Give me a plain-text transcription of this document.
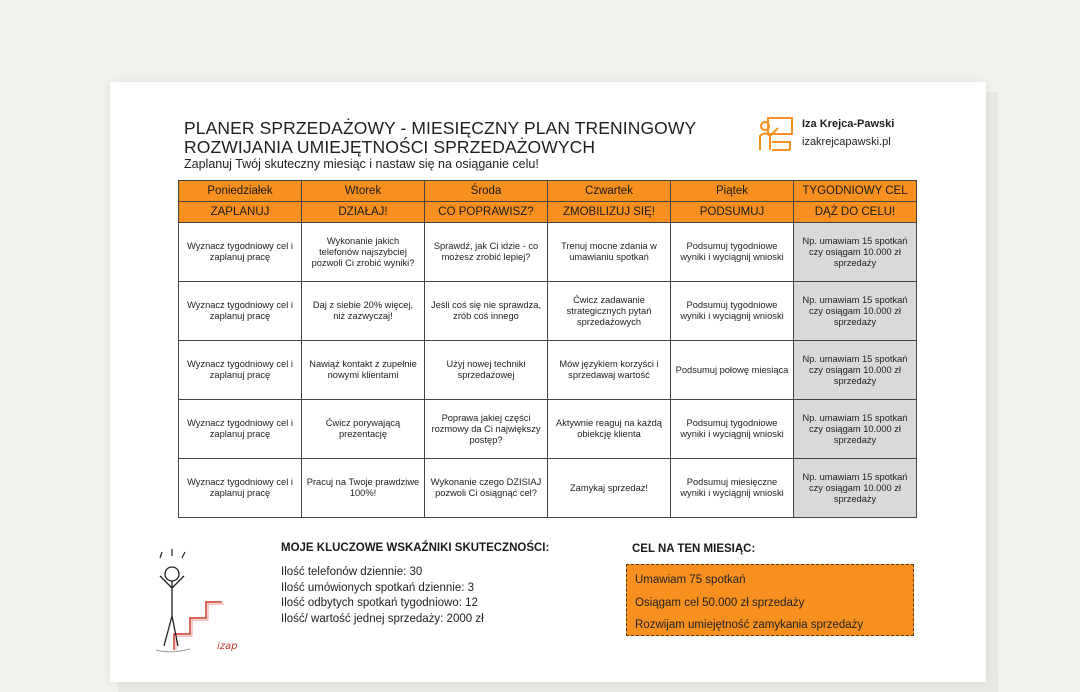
PLANER SPRZEDAŻOWY - MIESIĘCZNY PLAN TRENINGOWY
ROZWIJANIA UMIEJĘTNOŚCI SPRZEDAŻOWYCH
Zaplanuj Twój skuteczny miesiąc i nastaw się na osiąganie celu!
Iza Krejca-Pawski
izakrejcapawski.pl
Poniedziałek	Wtorek	Środa	Czwartek	Piątek	TYGODNIOWY CEL
ZAPLANUJ	DZIAŁAJ!	CO POPRAWISZ?	ZMOBILIZUJ SIĘ!	PODSUMUJ	DĄŻ DO CELU!
Wyznacz tygodniowy cel i zaplanuj pracę	Wykonanie jakich telefonów najszybciej pozwoli Ci zrobić wyniki?	Sprawdź, jak Ci idzie - co możesz zrobić lepiej?	Trenuj mocne zdania w umawianiu spotkań	Podsumuj tygodniowe wyniki i wyciągnij wnioski	Np. umawiam 15 spotkań czy osiągam 10.000 zł sprzedaży
Wyznacz tygodniowy cel i zaplanuj pracę	Daj z siebie 20% więcej, niż zazwyczaj!	Jeśli coś się nie sprawdza, zrób coś innego	Ćwicz zadawanie strategicznych pytań sprzedażowych	Podsumuj tygodniowe wyniki i wyciągnij wnioski	Np. umawiam 15 spotkań czy osiągam 10.000 zł sprzedaży
Wyznacz tygodniowy cel i zaplanuj pracę	Nawiąż kontakt z zupełnie nowymi klientami	Użyj nowej techniki sprzedażowej	Mów językiem korzyści i sprzedawaj wartość	Podsumuj połowę miesiąca	Np. umawiam 15 spotkań czy osiągam 10.000 zł sprzedaży
Wyznacz tygodniowy cel i zaplanuj pracę	Ćwicz porywającą prezentację	Poprawa jakiej części rozmowy da Ci największy postęp?	Aktywnie reaguj na każdą obiekcję klienta	Podsumuj tygodniowe wyniki i wyciągnij wnioski	Np. umawiam 15 spotkań czy osiągam 10.000 zł sprzedaży
Wyznacz tygodniowy cel i zaplanuj pracę	Pracuj na Twoje prawdziwe 100%!	Wykonanie czego DZISIAJ pozwoli Ci osiągnąć cel?	Zamykaj sprzedaż!	Podsumuj miesięczne wyniki i wyciągnij wnioski	Np. umawiam 15 spotkań czy osiągam 10.000 zł sprzedaży
izap
MOJE KLUCZOWE WSKAŹNIKI SKUTECZNOŚCI:
Ilość telefonów dziennie: 30
Ilość umówionych spotkań dziennie: 3
Ilość odbytych spotkań tygodniowo: 12
Ilość/ wartość jednej sprzedaży: 2000 zł
CEL NA TEN MIESIĄC:
Umawiam 75 spotkań
Osiągam cel 50.000 zł sprzedaży
Rozwijam umiejętność zamykania sprzedaży
